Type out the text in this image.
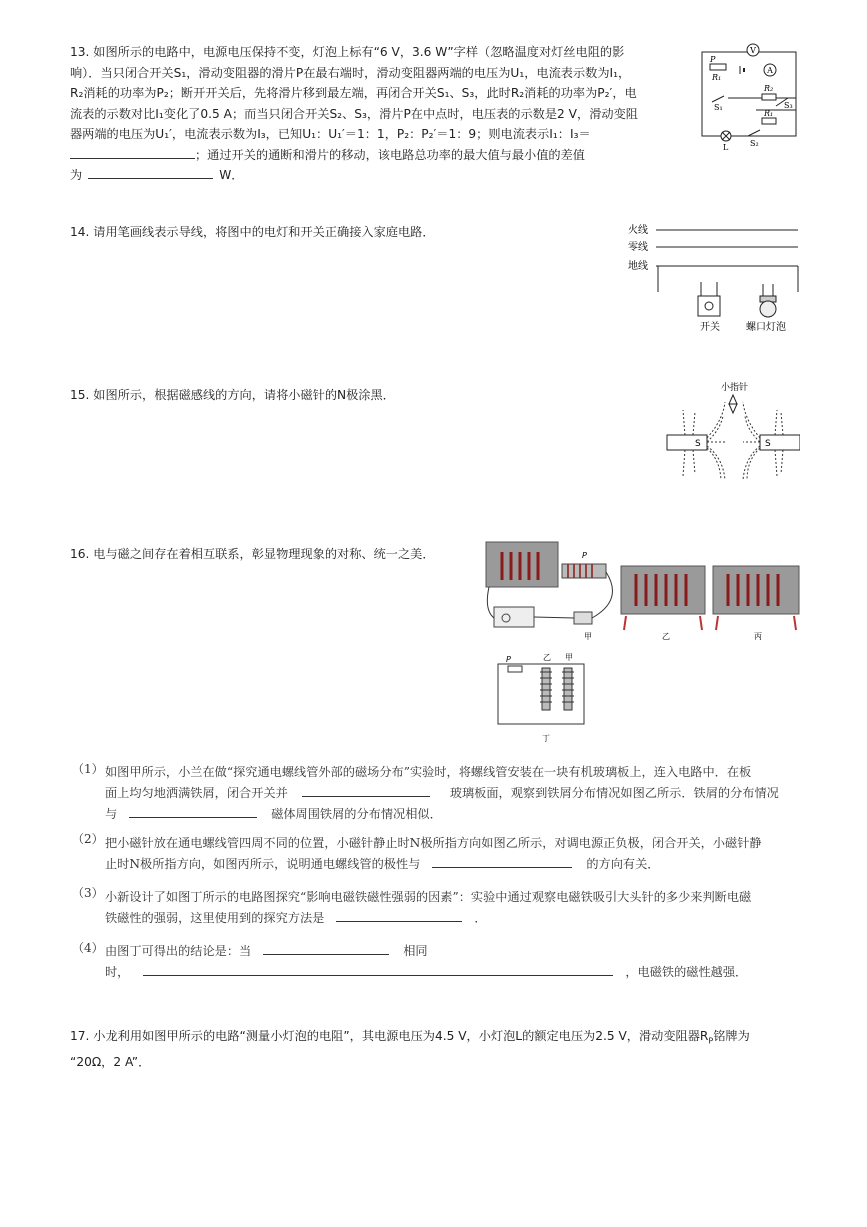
13. 如图所示的电路中，电源电压保持不变，灯泡上标有“6 V，3.6 W”字样（忽略温度对灯丝电阻的影

响）．当只闭合开关S₁，滑动变阻器的滑片P在最右端时，滑动变阻器两端的电压为U₁，电流表示数为I₁，

R₂消耗的功率为P₂；断开开关后，先将滑片移到最左端，再闭合开关S₁、S₃，此时R₂消耗的功率为P₂′，电

流表的示数对比I₁变化了0.5 A；而当只闭合开关S₂、S₃，滑片P在中点时，电压表的示数是2 V，滑动变阻

器两端的电压为U₁′，电流表示数为I₃，已知U₁：U₁′＝1：1，P₂：P₂′＝1：9；则电流表示I₁：I₃＝

；通过开关的通断和滑片的移动，该电路总功率的最大值与最小值的差值

为	W．

V
A
P
R₁
S₁
R₂
S₃
R₁
L	S₂

14. 请用笔画线表示导线，将图中的电灯和开关正确接入家庭电路．	火线
零线
地线
开关	螺口灯泡

15. 如图所示，根据磁感线的方向，请将小磁针的N极涂黑．	小指针
S	S

16. 电与磁之间存在着相互联系，彰显物理现象的对称、统一之美．	P
甲	乙	丙
P	乙 甲
丁
（1） 如图甲所示，小兰在做“探究通电螺线管外部的磁场分布”实验时，将螺线管安装在一块有机玻璃板上，连入电路中．在板

面上均匀地洒满铁屑，闭合开关并	玻璃板面，观察到铁屑分布情况如图乙所示．铁屑的分布情况

与	磁体周围铁屑的分布情况相似．

（2） 把小磁针放在通电螺线管四周不同的位置，小磁针静止时N极所指方向如图乙所示，对调电源正负极，闭合开关，小磁针静

止时N极所指方向，如图丙所示，说明通电螺线管的极性与	的方向有关．

（3） 小新设计了如图丁所示的电路图探究“影响电磁铁磁性强弱的因素”：实验中通过观察电磁铁吸引大头针的多少来判断电磁

铁磁性的强弱，这里使用到的探究方法是	．

（4） 由图丁可得出的结论是：当	相同

时，	，电磁铁的磁性越强．

17. 小龙利用如图甲所示的电路“测量小灯泡的电阻”，其电源电压为4.5 V，小灯泡L的额定电压为2.5 V，滑动变阻器$R_P$铭牌为

“20Ω，2 A”．
